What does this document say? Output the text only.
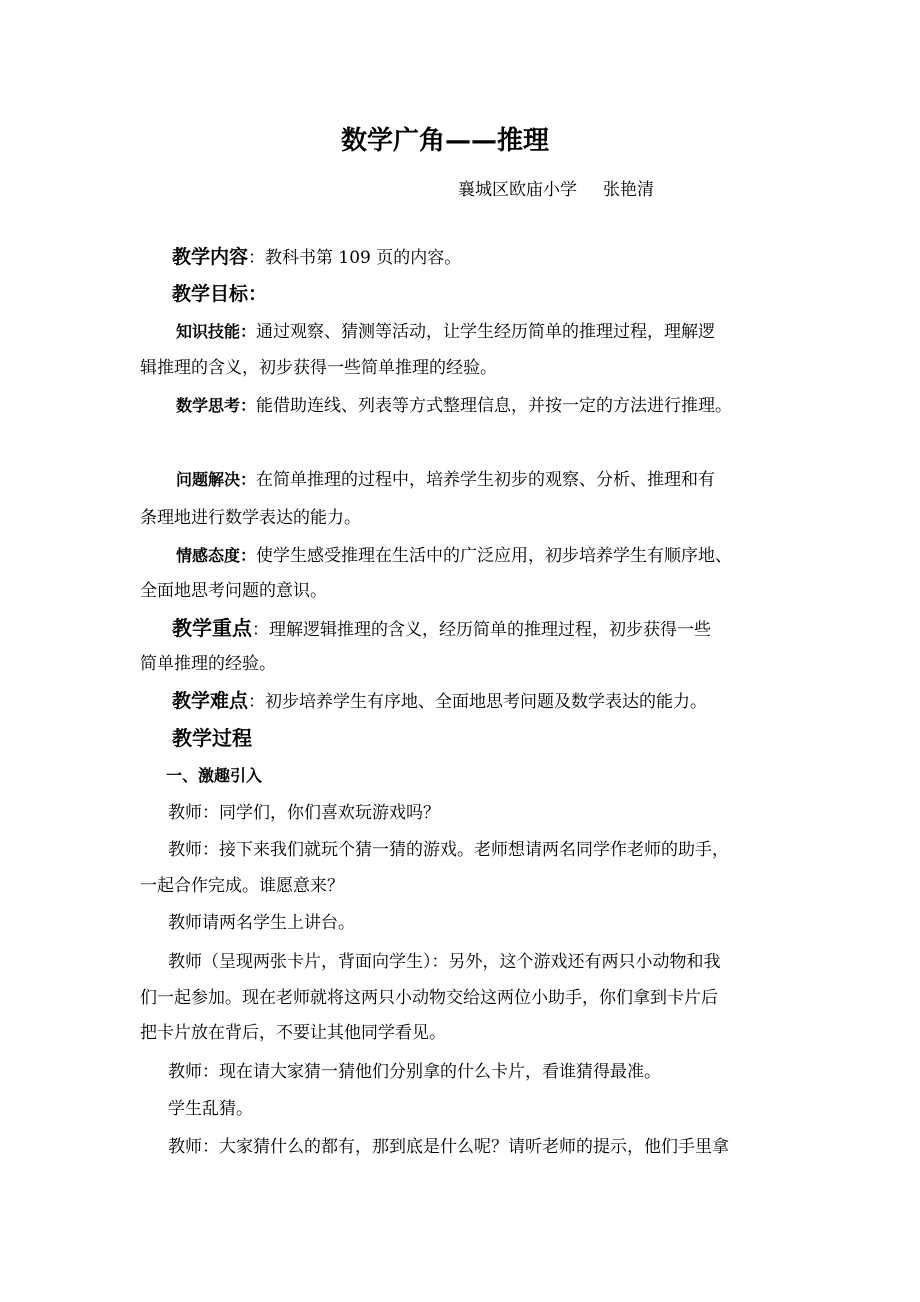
数学广角——推理
襄城区欧庙小学 张艳清
教学内容：教科书第 109 页的内容。
教学目标：
知识技能：通过观察、猜测等活动，让学生经历简单的推理过程，理解逻
辑推理的含义，初步获得一些简单推理的经验。
数学思考：能借助连线、列表等方式整理信息，并按一定的方法进行推理。
问题解决：在简单推理的过程中，培养学生初步的观察、分析、推理和有
条理地进行数学表达的能力。
情感态度：使学生感受推理在生活中的广泛应用，初步培养学生有顺序地、
全面地思考问题的意识。
教学重点：理解逻辑推理的含义，经历简单的推理过程，初步获得一些
简单推理的经验。
教学难点：初步培养学生有序地、全面地思考问题及数学表达的能力。
教学过程
一、激趣引入
教师：同学们，你们喜欢玩游戏吗？
教师：接下来我们就玩个猜一猜的游戏。老师想请两名同学作老师的助手，
一起合作完成。谁愿意来？
教师请两名学生上讲台。
教师（呈现两张卡片，背面向学生）：另外，这个游戏还有两只小动物和我
们一起参加。现在老师就将这两只小动物交给这两位小助手，你们拿到卡片后
把卡片放在背后，不要让其他同学看见。
教师：现在请大家猜一猜他们分别拿的什么卡片，看谁猜得最准。
学生乱猜。
教师：大家猜什么的都有，那到底是什么呢？请听老师的提示，他们手里拿
